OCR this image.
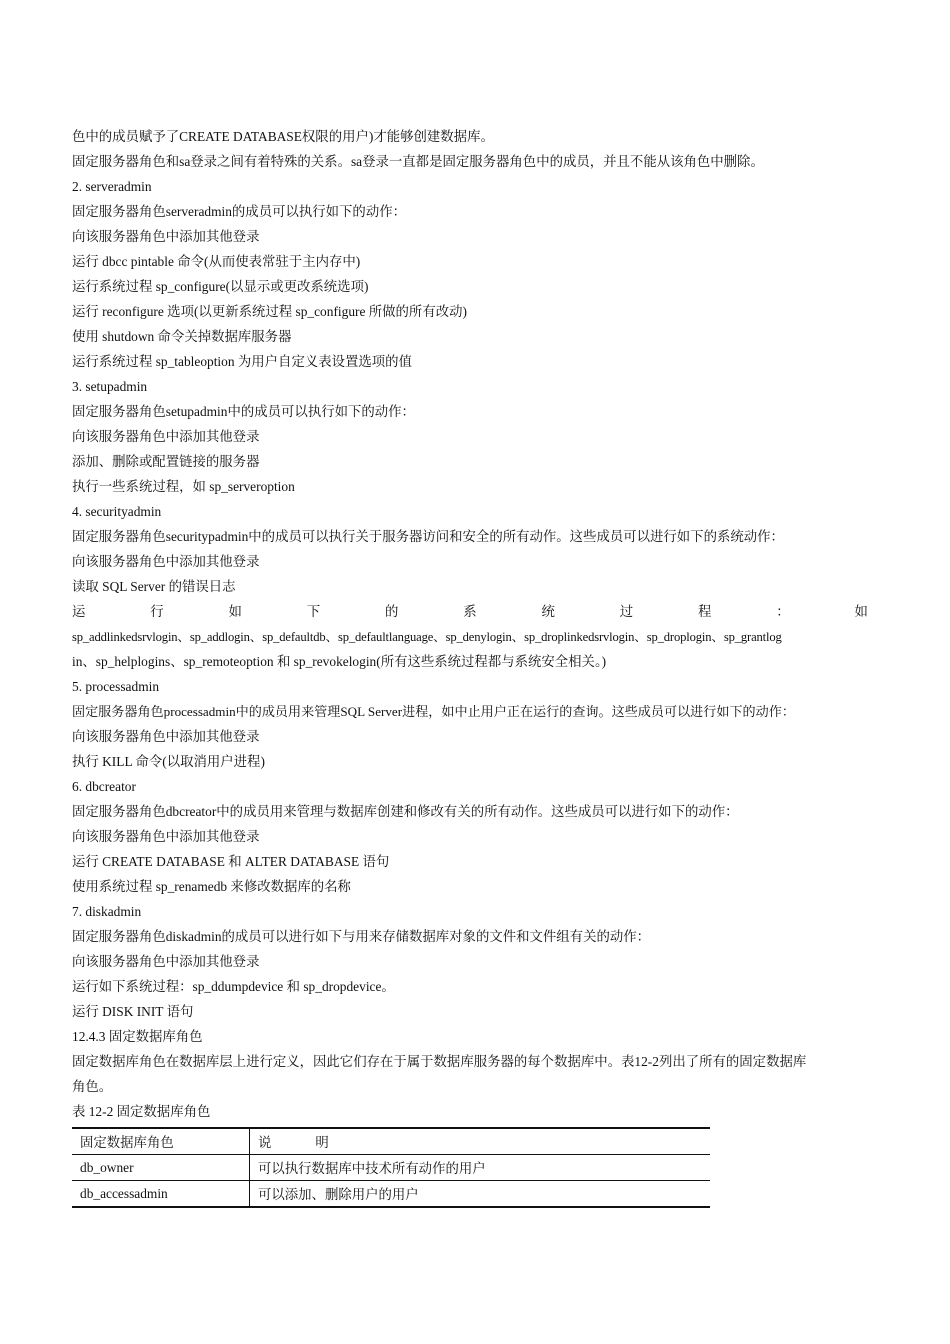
色中的成员赋予了CREATE DATABASE权限的用户)才能够创建数据库。
固定服务器角色和sa登录之间有着特殊的关系。sa登录一直都是固定服务器角色中的成员，并且不能从该角色中删除。
2. serveradmin
固定服务器角色serveradmin的成员可以执行如下的动作：
向该服务器角色中添加其他登录
运行 dbcc pintable 命令(从而使表常驻于主内存中)
运行系统过程 sp_configure(以显示或更改系统选项)
运行 reconfigure 选项(以更新系统过程 sp_configure 所做的所有改动)
使用 shutdown 命令关掉数据库服务器
运行系统过程 sp_tableoption 为用户自定义表设置选项的值
3. setupadmin
固定服务器角色setupadmin中的成员可以执行如下的动作：
向该服务器角色中添加其他登录
添加、删除或配置链接的服务器
执行一些系统过程，如 sp_serveroption
4. securityadmin
固定服务器角色securitypadmin中的成员可以执行关于服务器访问和安全的所有动作。这些成员可以进行如下的系统动作：
向该服务器角色中添加其他登录
读取 SQL Server 的错误日志
运	行	如	下	的	系	统	过	程	：	如
sp_addlinkedsrvlogin、sp_addlogin、sp_defaultdb、sp_defaultlanguage、sp_denylogin、sp_droplinkedsrvlogin、sp_droplogin、sp_grantlog
in、sp_helplogins、sp_remoteoption 和 sp_revokelogin(所有这些系统过程都与系统安全相关。)
5. processadmin
固定服务器角色processadmin中的成员用来管理SQL Server进程，如中止用户正在运行的查询。这些成员可以进行如下的动作：
向该服务器角色中添加其他登录
执行 KILL 命令(以取消用户进程)
6. dbcreator
固定服务器角色dbcreator中的成员用来管理与数据库创建和修改有关的所有动作。这些成员可以进行如下的动作：
向该服务器角色中添加其他登录
运行 CREATE DATABASE 和 ALTER DATABASE 语句
使用系统过程 sp_renamedb 来修改数据库的名称
7. diskadmin
固定服务器角色diskadmin的成员可以进行如下与用来存储数据库对象的文件和文件组有关的动作：
向该服务器角色中添加其他登录
运行如下系统过程：sp_ddumpdevice 和 sp_dropdevice。
运行 DISK INIT 语句
12.4.3 固定数据库角色
固定数据库角色在数据库层上进行定义，因此它们存在于属于数据库服务器的每个数据库中。表12-2列出了所有的固定数据库
角色。
表 12-2 固定数据库角色
固定数据库角色	说 明
db_owner	可以执行数据库中技术所有动作的用户
db_accessadmin	可以添加、删除用户的用户
